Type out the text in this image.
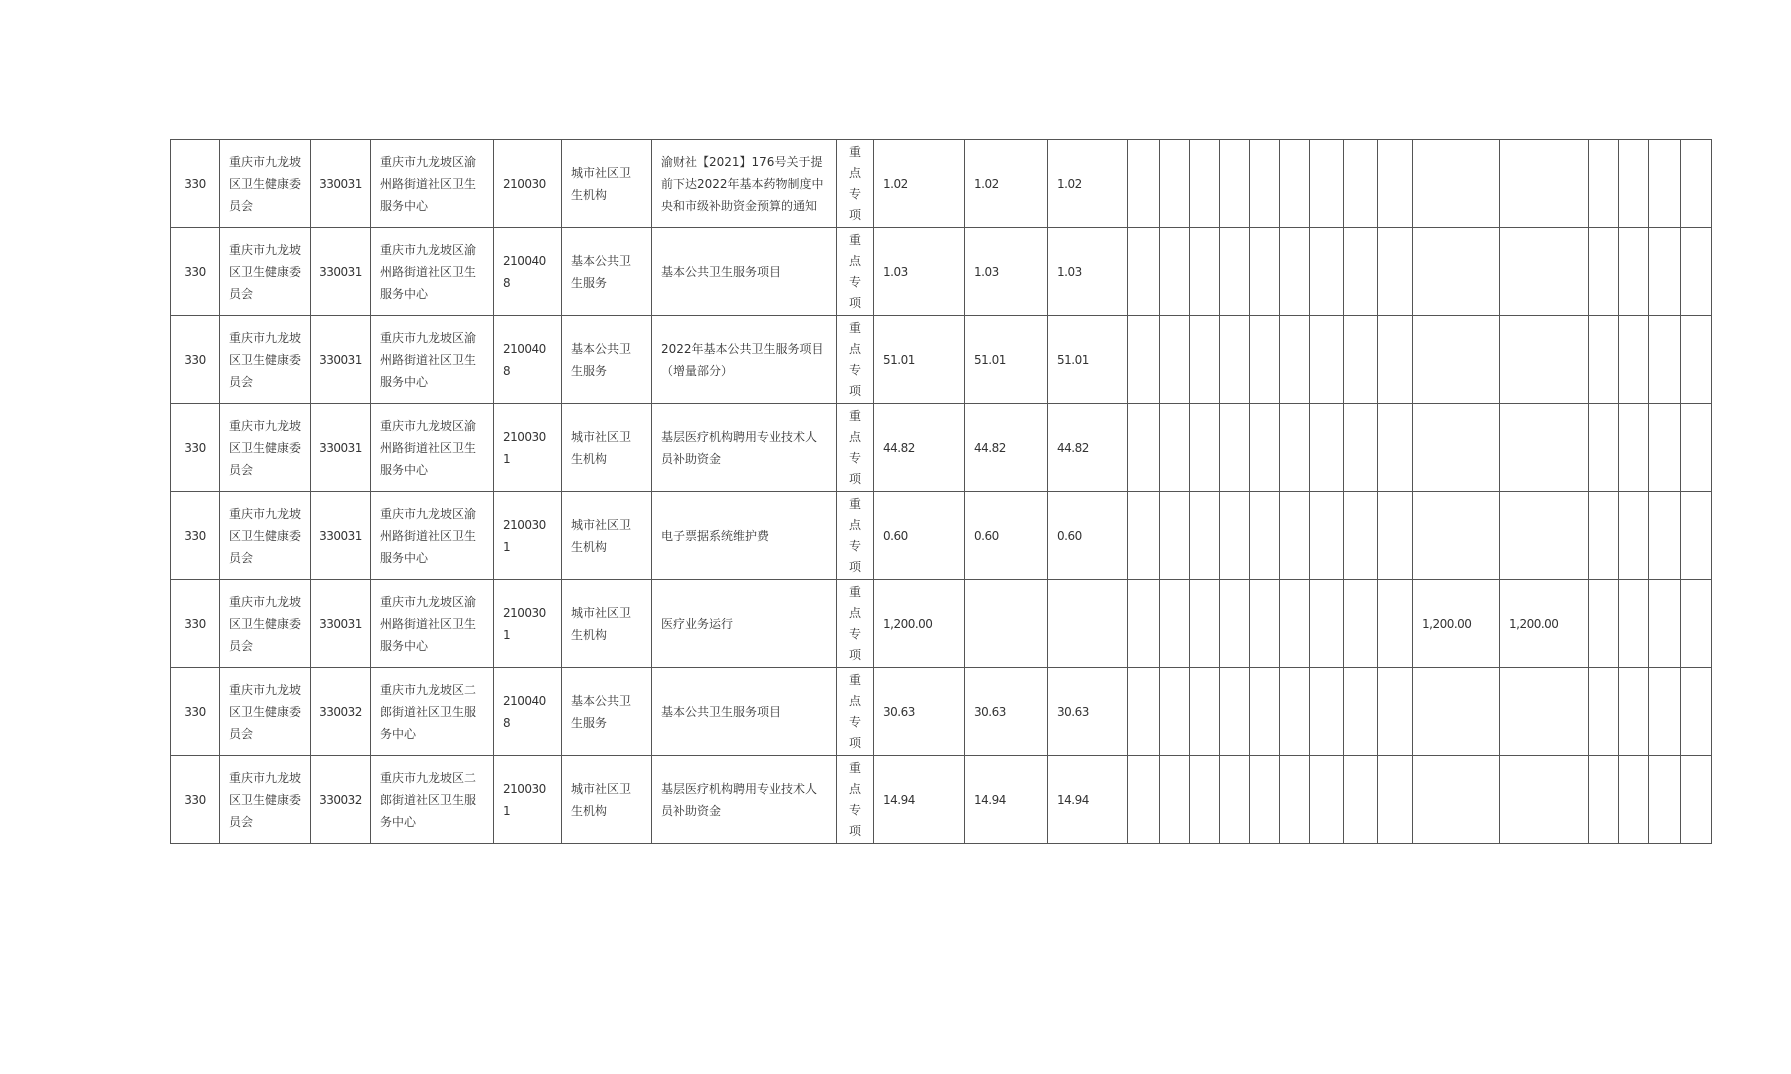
330	重庆市九龙坡区卫生健康委员会	330031	重庆市九龙坡区渝州路街道社区卫生服务中心	210030	城市社区卫生机构	渝财社【2021】176号关于提前下达2022年基本药物制度中央和市级补助资金预算的通知	重点专项	1.02	1.02	1.02															
330	重庆市九龙坡区卫生健康委员会	330031	重庆市九龙坡区渝州路街道社区卫生服务中心	2100408	基本公共卫生服务	基本公共卫生服务项目	重点专项	1.03	1.03	1.03															
330	重庆市九龙坡区卫生健康委员会	330031	重庆市九龙坡区渝州路街道社区卫生服务中心	2100408	基本公共卫生服务	2022年基本公共卫生服务项目（增量部分）	重点专项	51.01	51.01	51.01															
330	重庆市九龙坡区卫生健康委员会	330031	重庆市九龙坡区渝州路街道社区卫生服务中心	2100301	城市社区卫生机构	基层医疗机构聘用专业技术人员补助资金	重点专项	44.82	44.82	44.82															
330	重庆市九龙坡区卫生健康委员会	330031	重庆市九龙坡区渝州路街道社区卫生服务中心	2100301	城市社区卫生机构	电子票据系统维护费	重点专项	0.60	0.60	0.60															
330	重庆市九龙坡区卫生健康委员会	330031	重庆市九龙坡区渝州路街道社区卫生服务中心	2100301	城市社区卫生机构	医疗业务运行	重点专项	1,200.00												1,200.00	1,200.00				
330	重庆市九龙坡区卫生健康委员会	330032	重庆市九龙坡区二郎街道社区卫生服务中心	2100408	基本公共卫生服务	基本公共卫生服务项目	重点专项	30.63	30.63	30.63															
330	重庆市九龙坡区卫生健康委员会	330032	重庆市九龙坡区二郎街道社区卫生服务中心	2100301	城市社区卫生机构	基层医疗机构聘用专业技术人员补助资金	重点专项	14.94	14.94	14.94															
